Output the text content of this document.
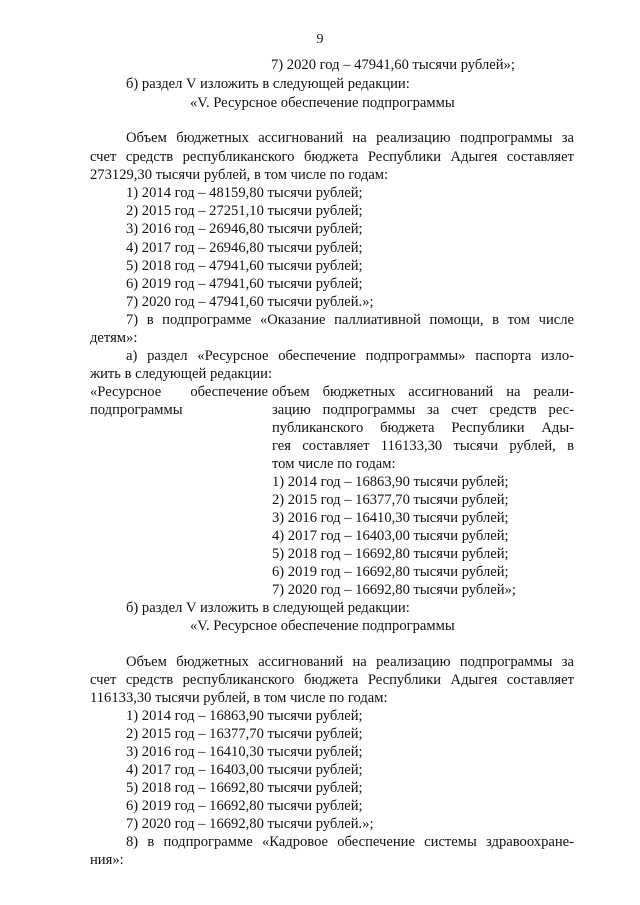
9
7) 2020 год – 47941,60 тысячи рублей»;
б) раздел V изложить в следующей редакции:
«V. Ресурсное обеспечение подпрограммы
Объем бюджетных ассигнований на реализацию подпрограммы за
счет средств республиканского бюджета Республики Адыгея составляет
273129,30 тысячи рублей, в том числе по годам:
1) 2014 год – 48159,80 тысячи рублей;
2) 2015 год – 27251,10 тысячи рублей;
3) 2016 год – 26946,80 тысячи рублей;
4) 2017 год – 26946,80 тысячи рублей;
5) 2018 год – 47941,60 тысячи рублей;
6) 2019 год – 47941,60 тысячи рублей;
7) 2020 год – 47941,60 тысячи рублей.»;
7) в подпрограмме «Оказание паллиативной помощи, в том числе
детям»:
а) раздел «Ресурсное обеспечение подпрограммы» паспорта изло-
жить в следующей редакции:
«Ресурсное обеспечение
подпрограммы
объем бюджетных ассигнований на реали-
зацию подпрограммы за счет средств рес-
публиканского бюджета Республики Ады-
гея составляет 116133,30 тысячи рублей, в
том числе по годам:
1) 2014 год – 16863,90 тысячи рублей;
2) 2015 год – 16377,70 тысячи рублей;
3) 2016 год – 16410,30 тысячи рублей;
4) 2017 год – 16403,00 тысячи рублей;
5) 2018 год – 16692,80 тысячи рублей;
6) 2019 год – 16692,80 тысячи рублей;
7) 2020 год – 16692,80 тысячи рублей»;
б) раздел V изложить в следующей редакции:
«V. Ресурсное обеспечение подпрограммы
Объем бюджетных ассигнований на реализацию подпрограммы за
счет средств республиканского бюджета Республики Адыгея составляет
116133,30 тысячи рублей, в том числе по годам:
1) 2014 год – 16863,90 тысячи рублей;
2) 2015 год – 16377,70 тысячи рублей;
3) 2016 год – 16410,30 тысячи рублей;
4) 2017 год – 16403,00 тысячи рублей;
5) 2018 год – 16692,80 тысячи рублей;
6) 2019 год – 16692,80 тысячи рублей;
7) 2020 год – 16692,80 тысячи рублей.»;
8) в подпрограмме «Кадровое обеспечение системы здравоохране-
ния»:
